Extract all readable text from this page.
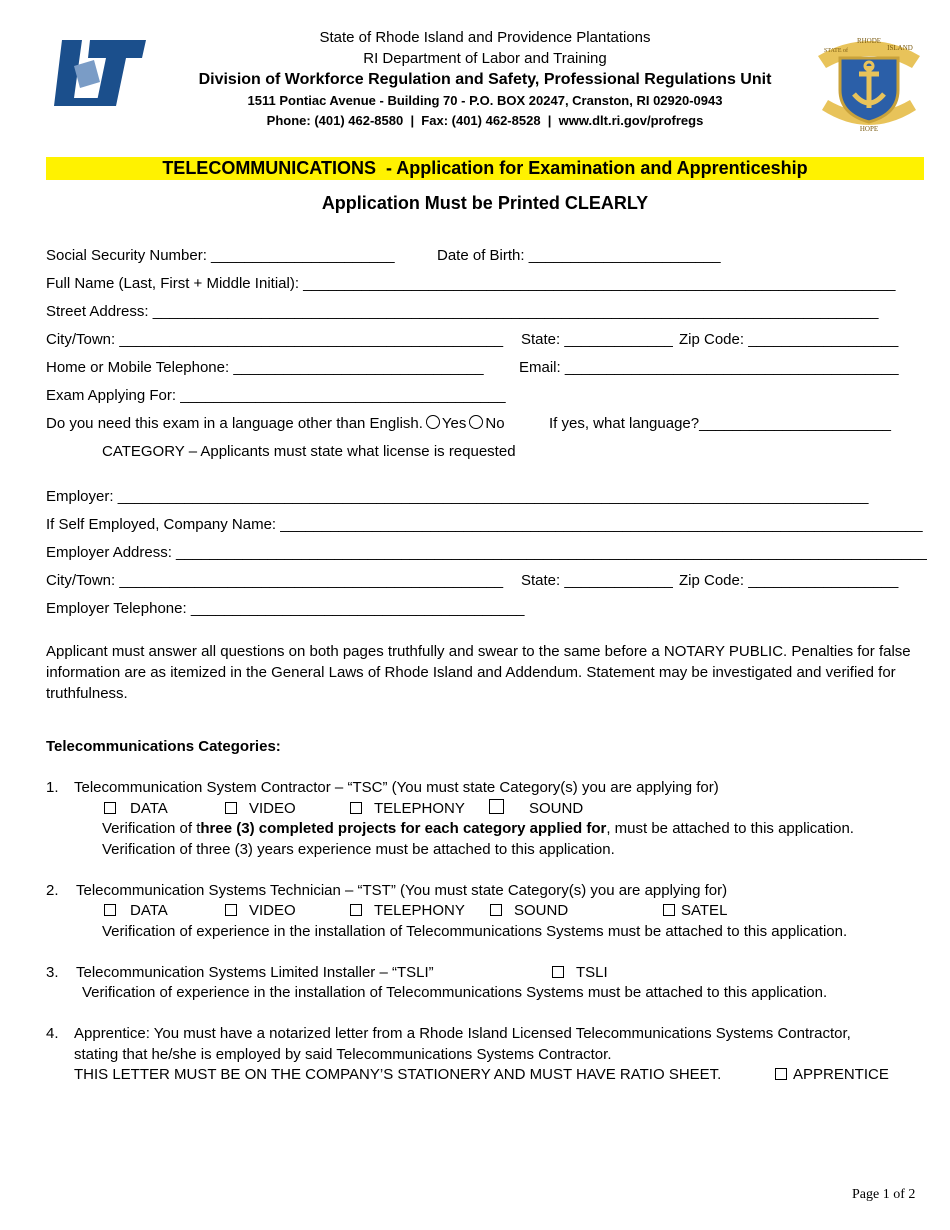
RHODE
ISLAND
STATE of
HOPE
State of Rhode Island and Providence Plantations
RI Department of Labor and Training
Division of Workforce Regulation and Safety, Professional Regulations Unit
1511 Pontiac Avenue - Building 70 - P.O. BOX 20247, Cranston, RI 02920-0943
Phone: (401) 462-8580  |  Fax: (401) 462-8528  |  www.dlt.ri.gov/profregs
TELECOMMUNICATIONS  - Application for Examination and Apprenticeship
Application Must be Printed CLEARLY
Social Security Number: ______________________	Date of Birth: _______________________
Full Name (Last, First + Middle Initial): _______________________________________________________________________
Street Address: _______________________________________________________________________________________
City/Town: ______________________________________________ State: _____________ Zip Code: __________________
Home or Mobile Telephone: ______________________________ Email: ________________________________________
Exam Applying For: _______________________________________
Do you need this exam in a language other than English. Yes No	If yes, what language?_______________________
CATEGORY – Applicants must state what license is requested
Employer: __________________________________________________________________________________________
If Self Employed, Company Name: _____________________________________________________________________________
Employer Address: __________________________________________________________________________________________
City/Town: ______________________________________________ State: _____________ Zip Code: __________________
Employer Telephone: ________________________________________
Applicant must answer all questions on both pages truthfully and swear to the same before a NOTARY PUBLIC. Penalties for false information are as itemized in the General Laws of Rhode Island and Addendum. Statement may be investigated and verified for truthfulness.
Telecommunications Categories:
1. Telecommunication System Contractor – “TSC” (You must state Category(s) you are applying for)
DATA	VIDEO	TELEPHONY	SOUND
Verification of three (3) completed projects for each category applied for, must be attached to this application.
Verification of three (3) years experience must be attached to this application.
2. Telecommunication Systems Technician – “TST” (You must state Category(s) you are applying for)
DATA	VIDEO	TELEPHONY	SOUND	SATEL
Verification of experience in the installation of Telecommunications Systems must be attached to this application.
3. Telecommunication Systems Limited Installer – “TSLI”	TSLI
Verification of experience in the installation of Telecommunications Systems must be attached to this application.
4. Apprentice: You must have a notarized letter from a Rhode Island Licensed Telecommunications Systems Contractor,
stating that he/she is employed by said Telecommunications Systems Contractor.
THIS LETTER MUST BE ON THE COMPANY’S STATIONERY AND MUST HAVE RATIO SHEET.	APPRENTICE
Page 1 of 2
